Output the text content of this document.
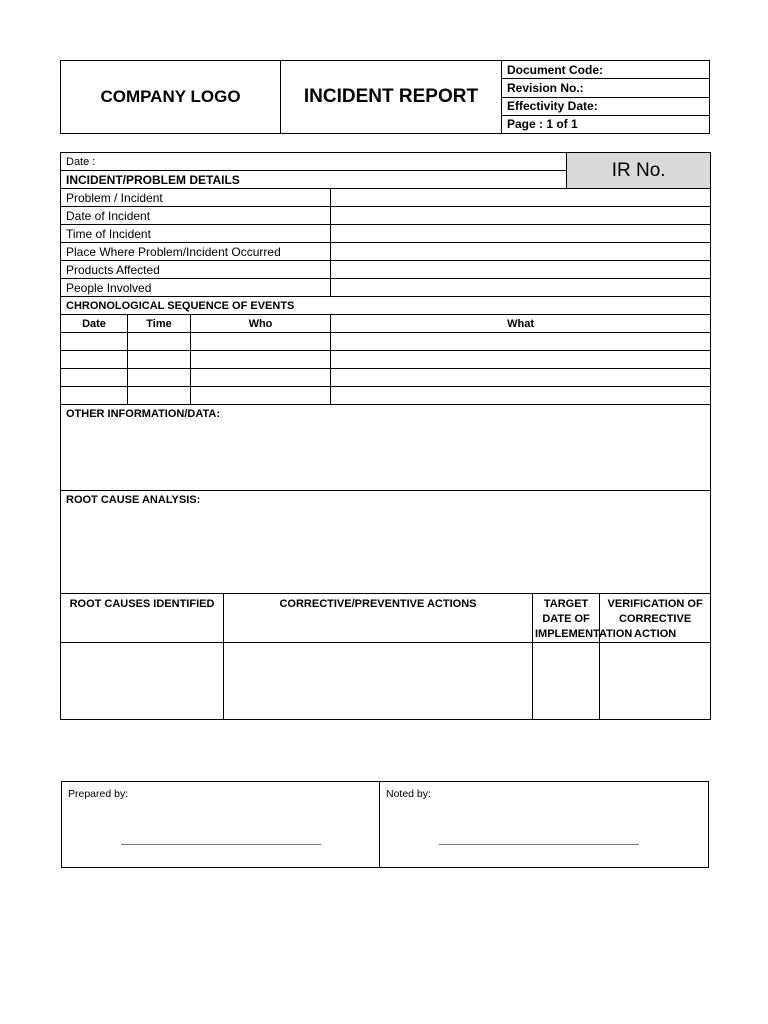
COMPANY LOGO	INCIDENT REPORT	Document Code:
Revision No.:
Effectivity Date:
Page : 1 of 1
Date :						IR No.	
INCIDENT/PROBLEM DETAILS							
Problem / Incident							
Date of Incident							
Time of Incident							
Place Where Problem/Incident Occurred							
Products Affected							
People Involved							
CHRONOLOGICAL SEQUENCE OF EVENTS							
Date	Time	Who		What			

OTHER INFORMATION/DATA:							
ROOT CAUSE ANALYSIS:							
ROOT CAUSES IDENTIFIED			CORRECTIVE/PREVENTIVE ACTIONS		TARGET DATE OF IMPLEMENTATION		VERIFICATION OF CORRECTIVE ACTION

Prepared by:	Noted by:
